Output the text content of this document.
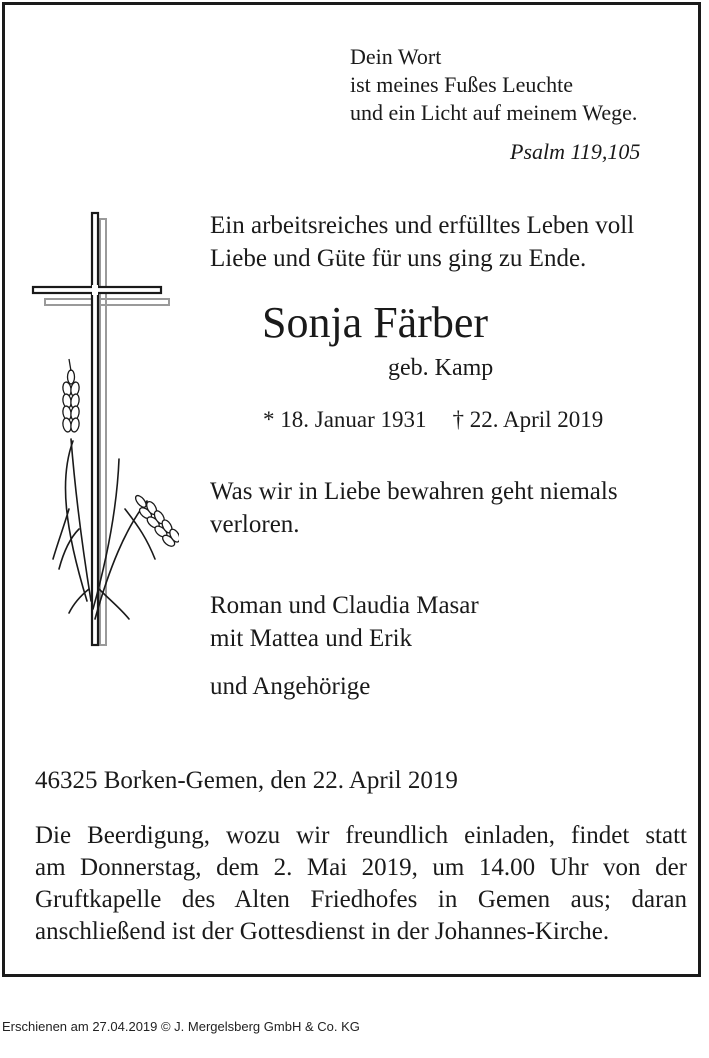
Dein Wort
ist meines Fußes Leuchte
und ein Licht auf meinem Wege.
Psalm 119,105
Ein arbeitsreiches und erfülltes Leben voll
Liebe und Güte für uns ging zu Ende.
Sonja Färber
geb. Kamp
* 18. Januar 1931 † 22. April 2019
Was wir in Liebe bewahren geht niemals
verloren.
Roman und Claudia Masar
mit Mattea und Erik
und Angehörige
46325 Borken-Gemen, den 22. April 2019
Die Beerdigung, wozu wir freundlich einladen, findet statt
am Donnerstag, dem 2. Mai 2019, um 14.00 Uhr von der
Gruftkapelle des Alten Friedhofes in Gemen aus; daran
anschließend ist der Gottesdienst in der Johannes-Kirche.
Erschienen am 27.04.2019 © J. Mergelsberg GmbH & Co. KG
